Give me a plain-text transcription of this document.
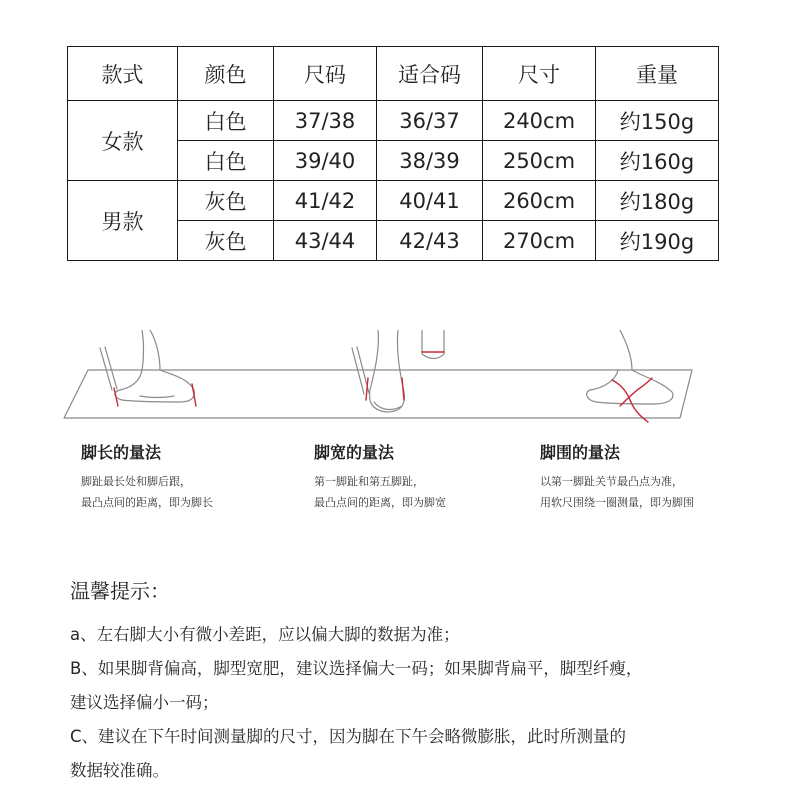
款式	颜色	尺码	适合码	尺寸	重量
女款	白色	37/38	36/37	240cm	约150g
	白色	39/40	38/39	250cm	约160g
男款	灰色	41/42	40/41	260cm	约180g
	灰色	43/44	42/43	270cm	约190g
脚长的量法
脚趾最长处和脚后跟，
最凸点间的距离，即为脚长
脚宽的量法
第一脚趾和第五脚趾，
最凸点间的距离，即为脚宽
脚围的量法
以第一脚趾关节最凸点为准，
用软尺围绕一圈测量，即为脚围
温馨提示：
a、左右脚大小有微小差距，应以偏大脚的数据为准；
B、如果脚背偏高，脚型宽肥，建议选择偏大一码；如果脚背扁平，脚型纤瘦，
建议选择偏小一码；
C、建议在下午时间测量脚的尺寸，因为脚在下午会略微膨胀，此时所测量的
数据较准确。
